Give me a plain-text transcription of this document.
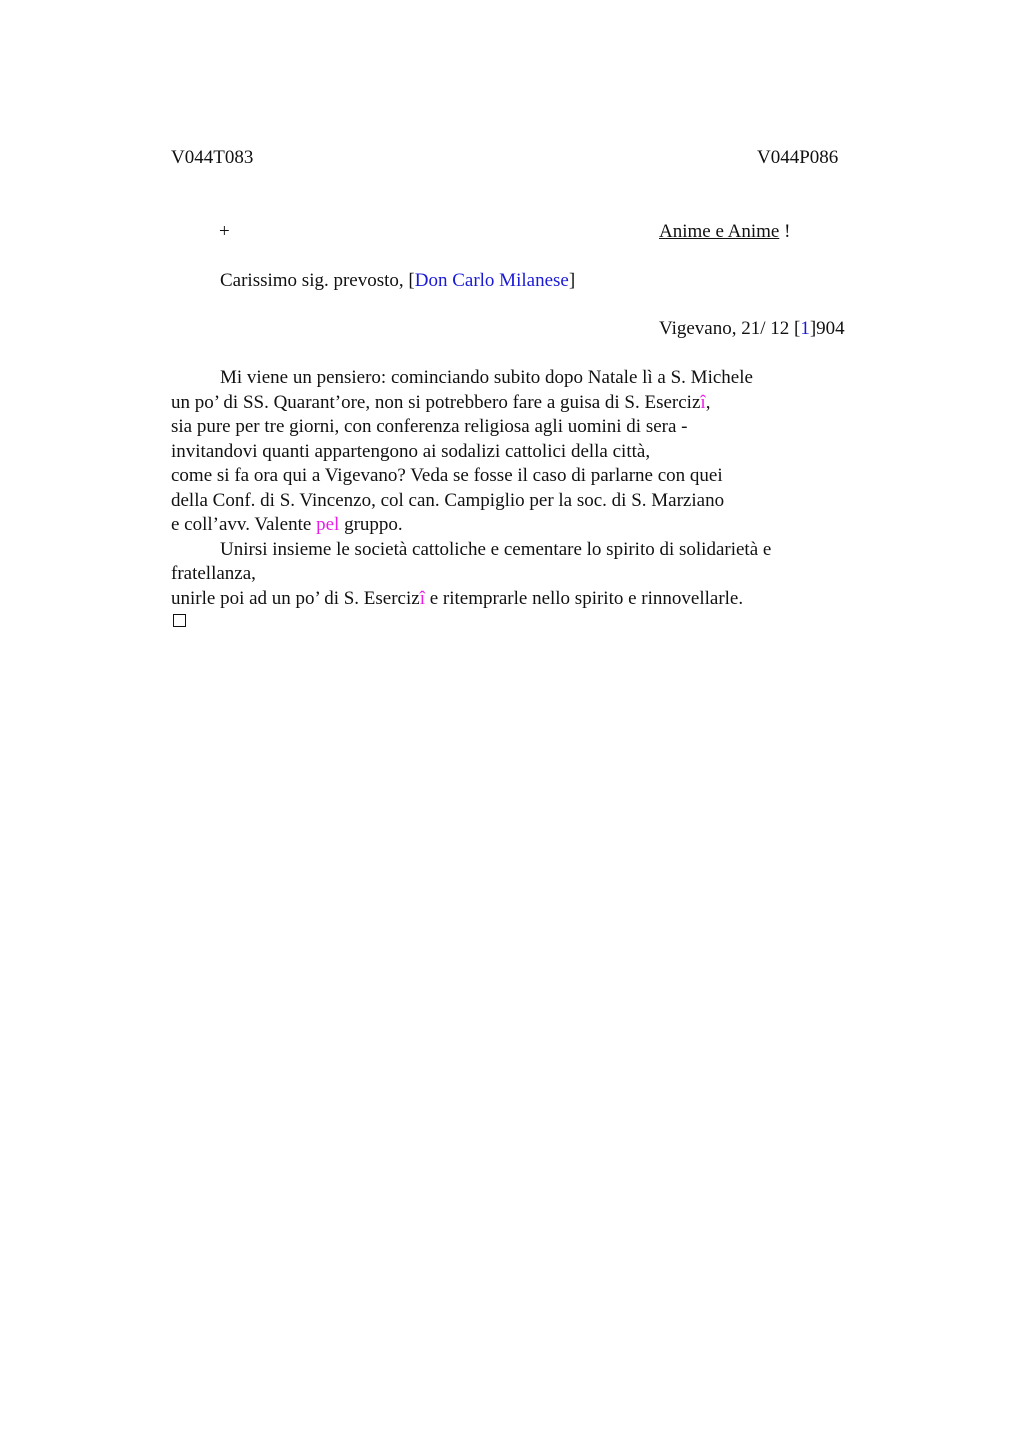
V044T083	V044P086
+	Anime e Anime !
Carissimo sig. prevosto, [Don Carlo Milanese]
Vigevano, 21/ 12 [1]904
Mi viene un pensiero: cominciando subito dopo Natale lì a S. Michele
un po’ di SS. Quarant’ore, non si potrebbero fare a guisa di S. Esercizî,
sia pure per tre giorni, con conferenza religiosa agli uomini di sera -
invitandovi quanti appartengono ai sodalizi cattolici della città,
come si fa ora qui a Vigevano? Veda se fosse il caso di parlarne con quei
della Conf. di S. Vincenzo, col can. Campiglio per la soc. di S. Marziano
e coll’avv. Valente pel gruppo.
Unirsi insieme le società cattoliche e cementare lo spirito di solidarietà e
fratellanza,
unirle poi ad un po’ di S. Esercizî e ritemprarle nello spirito e rinnovellarle.
